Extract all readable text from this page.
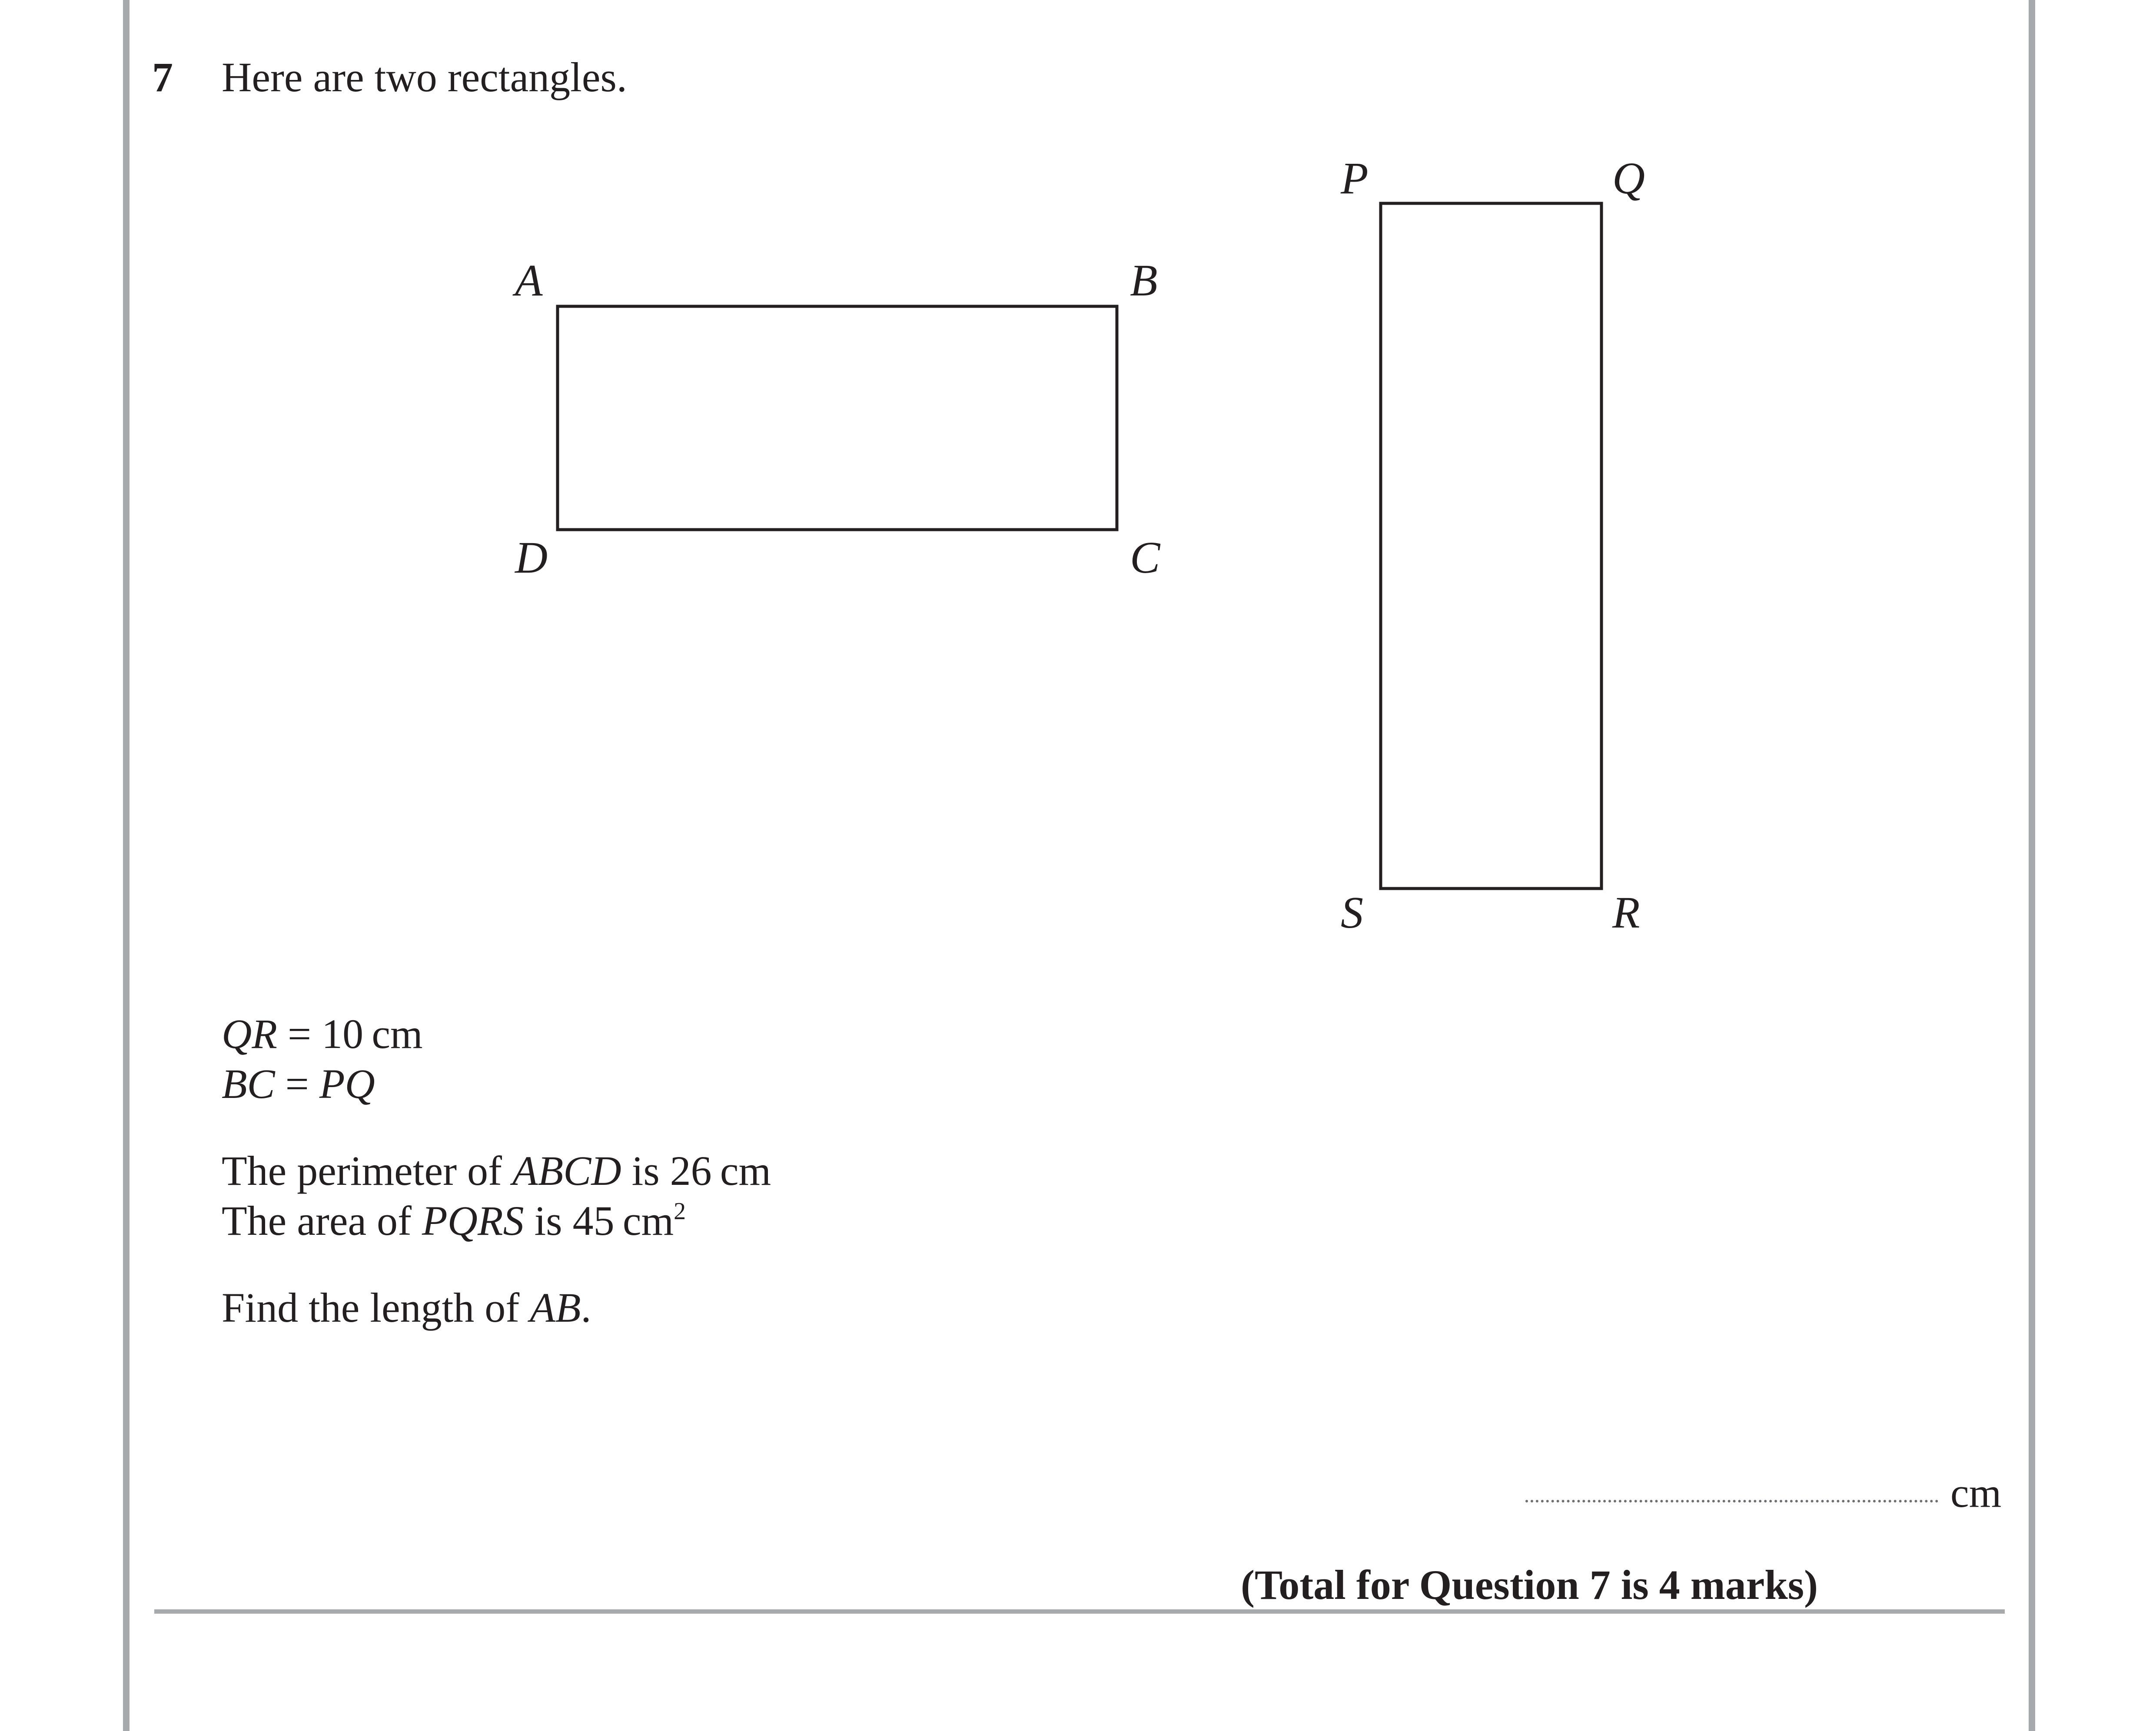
7 Here are two rectangles.
A	B
C
D
P	Q
R
S
QR = 10 cm
BC = PQ
The perimeter of ABCD is 26 cm
The area of PQRS is 45 $cm^2$
Find the length of AB.
cm
(Total for Question 7 is 4 marks)
